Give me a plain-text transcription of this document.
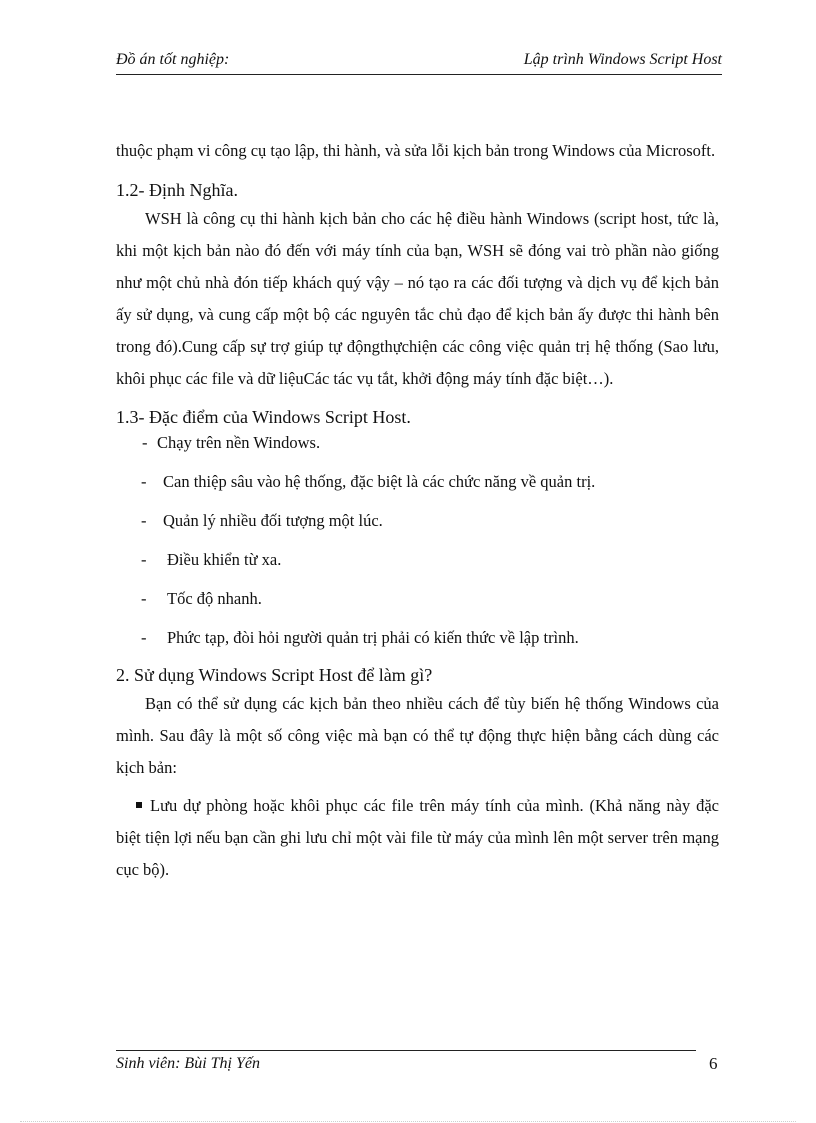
Đồ án tốt nghiệp:	Lập trình Windows Script Host

thuộc phạm vi công cụ tạo lập, thi hành, và sửa lỗi kịch bản trong Windows của Microsoft.

1.2- Định Nghĩa.

WSH là công cụ thi hành kịch bản cho các hệ điều hành Windows (script host, tức là, khi một kịch bản nào đó đến với máy tính của bạn, WSH sẽ đóng vai trò phần nào giống như một chủ nhà đón tiếp khách quý vậy – nó tạo ra các đối tượng và dịch vụ để kịch bản ấy sử dụng, và cung cấp một bộ các nguyên tắc chủ đạo để kịch bản ấy được thi hành bên trong đó).Cung cấp sự trợ giúp tự độngthựchiện các công việc quản trị hệ thống (Sao lưu, khôi phục các file và dữ liệuCác tác vụ tắt, khởi động máy tính đặc biệt…).

1.3- Đặc điểm của Windows Script Host.
- Chạy trên nền Windows.
-	Can thiệp sâu vào hệ thống, đặc biệt là các chức năng về quản trị.
-	Quản lý nhiều đối tượng một lúc.
-	Điều khiển từ xa.
-	Tốc độ nhanh.
-	Phức tạp, đòi hỏi người quản trị phải có kiến thức về lập trình.
2. Sử dụng Windows Script Host để làm gì?

Bạn có thể sử dụng các kịch bản theo nhiều cách để tùy biến hệ thống Windows của mình. Sau đây là một số công việc mà bạn có thể tự động thực hiện bằng cách dùng các kịch bản:

Lưu dự phòng hoặc khôi phục các file trên máy tính của mình. (Khả năng này đặc biệt tiện lợi nếu bạn cần ghi lưu chỉ một vài file từ máy của mình lên một server trên mạng cục bộ).

Sinh viên: Bùi Thị Yến	6
